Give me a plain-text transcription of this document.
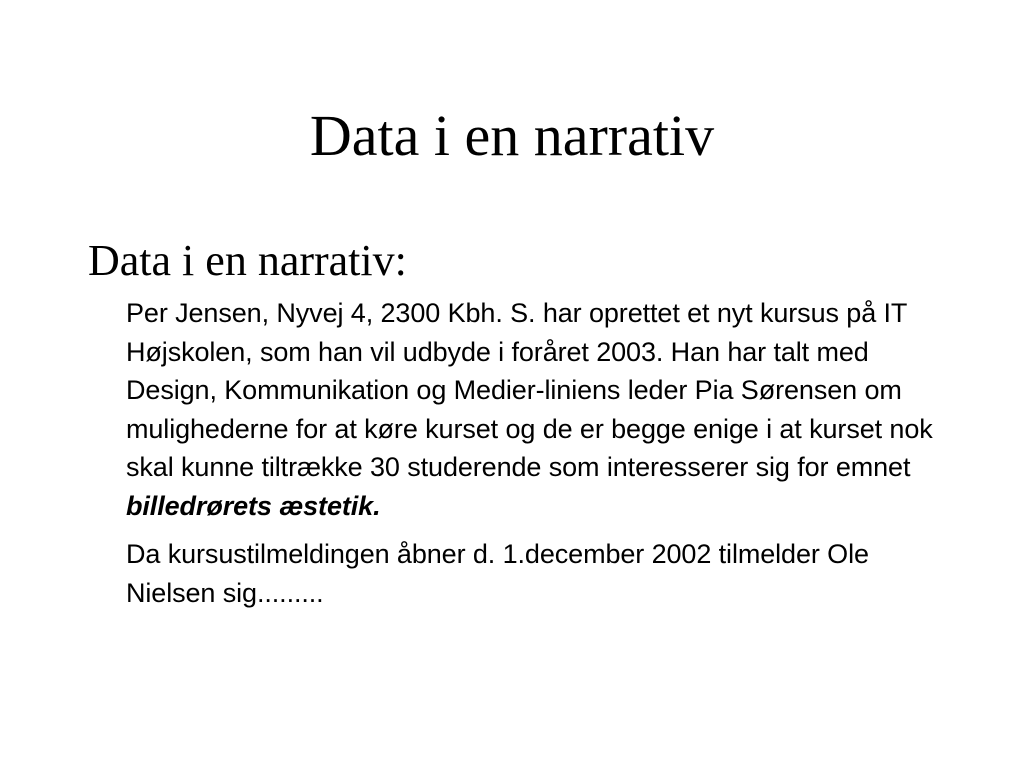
Data i en narrativ
Data i en narrativ:

Per Jensen, Nyvej 4, 2300 Kbh. S. har oprettet et nyt kursus på IT Højskolen, som han vil udbyde i foråret 2003. Han har talt med Design, Kommunikation og Medier-liniens leder Pia Sørensen om mulighederne for at køre kurset og de er begge enige i at kurset nok skal kunne tiltrække 30 studerende som interesserer sig for emnet billedrørets æstetik.

Da kursustilmeldingen åbner d. 1.december 2002 tilmelder Ole Nielsen sig.........
